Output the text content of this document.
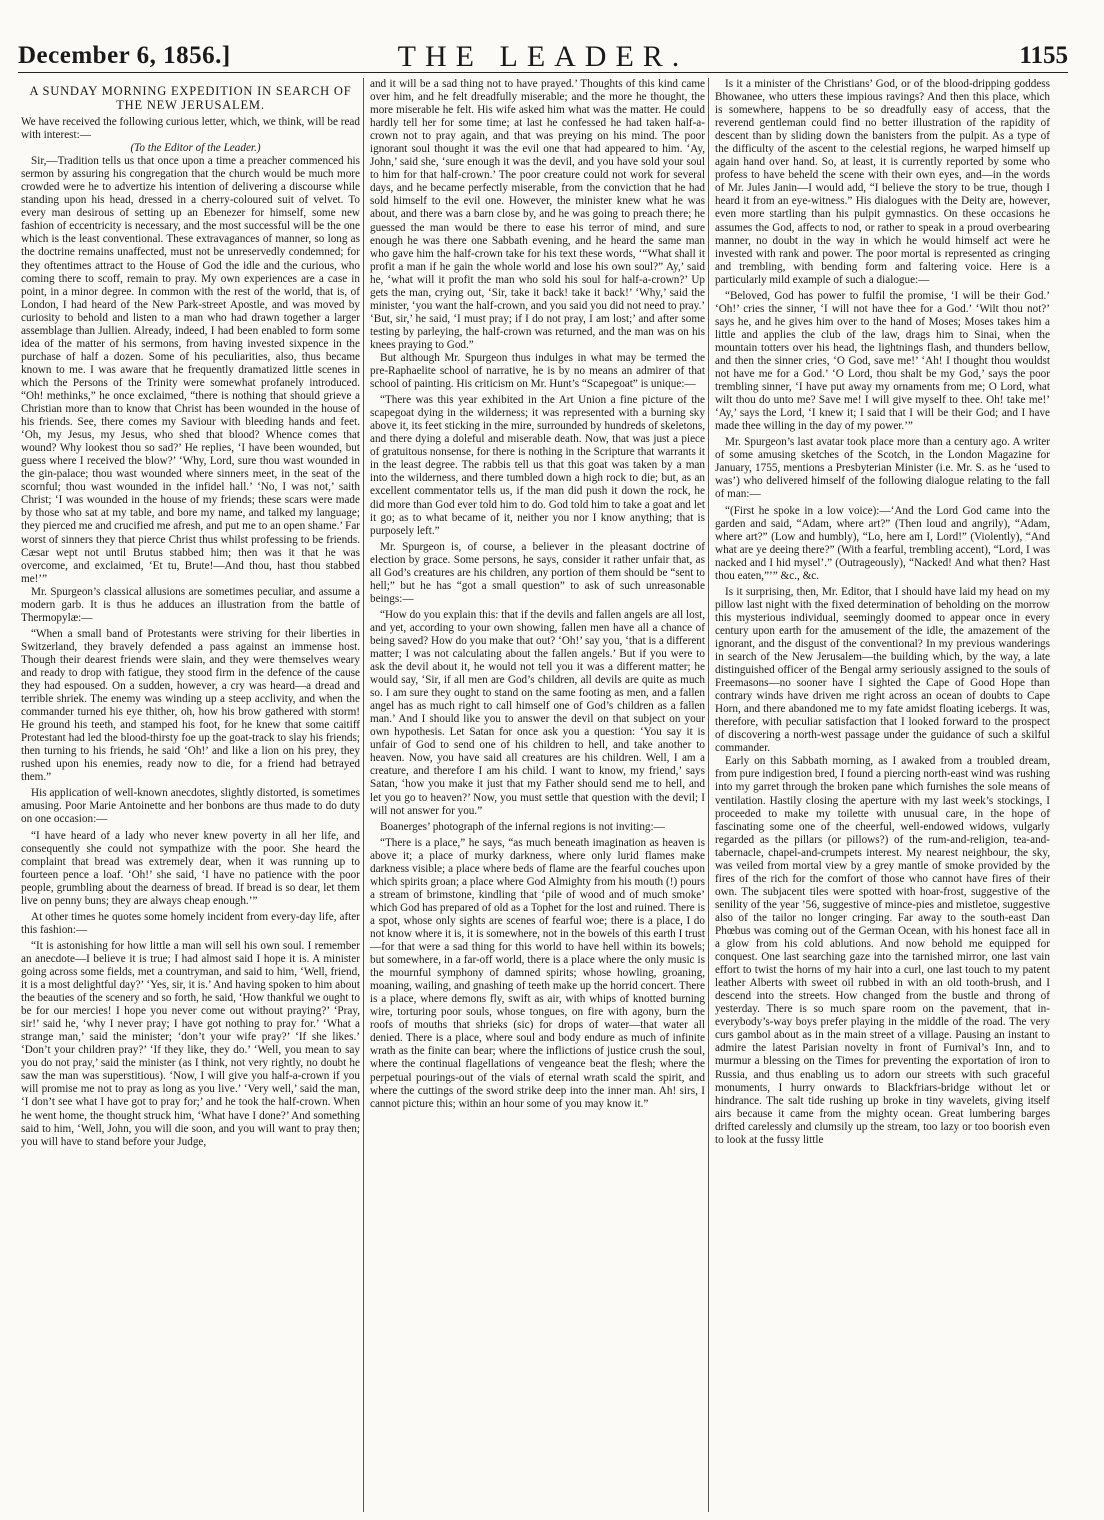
December 6, 1856.]	THE LEADER.	1155
A SUNDAY MORNING EXPEDITION IN SEARCH OF THE NEW JERUSALEM.

We have received the following curious letter, which, we think, will be read with interest:—

(To the Editor of the Leader.)

Sir,—Tradition tells us that once upon a time a preacher commenced his sermon by assuring his congregation that the church would be much more crowded were he to advertize his intention of delivering a discourse while standing upon his head, dressed in a cherry-coloured suit of velvet. To every man desirous of setting up an Ebenezer for himself, some new fashion of eccentricity is necessary, and the most successful will be the one which is the least conventional. These extravagances of manner, so long as the doctrine remains unaffected, must not be unreservedly condemned; for they oftentimes attract to the House of God the idle and the curious, who coming there to scoff, remain to pray. My own experiences are a case in point, in a minor degree. In common with the rest of the world, that is, of London, I had heard of the New Park-street Apostle, and was moved by curiosity to behold and listen to a man who had drawn together a larger assemblage than Jullien. Already, indeed, I had been enabled to form some idea of the matter of his sermons, from having invested sixpence in the purchase of half a dozen. Some of his peculiarities, also, thus became known to me. I was aware that he frequently dramatized little scenes in which the Persons of the Trinity were somewhat profanely introduced. “Oh! methinks,” he once exclaimed, “there is nothing that should grieve a Christian more than to know that Christ has been wounded in the house of his friends. See, there comes my Saviour with bleeding hands and feet. ‘Oh, my Jesus, my Jesus, who shed that blood? Whence comes that wound? Why lookest thou so sad?’ He replies, ‘I have been wounded, but guess where I received the blow?’ ‘Why, Lord, sure thou wast wounded in the gin-palace; thou wast wounded where sinners meet, in the seat of the scornful; thou wast wounded in the infidel hall.’ ‘No, I was not,’ saith Christ; ‘I was wounded in the house of my friends; these scars were made by those who sat at my table, and bore my name, and talked my language; they pierced me and crucified me afresh, and put me to an open shame.’ Far worst of sinners they that pierce Christ thus whilst professing to be friends. Cæsar wept not until Brutus stabbed him; then was it that he was overcome, and exclaimed, ‘Et tu, Brute!—And thou, hast thou stabbed me!’”

Mr. Spurgeon’s classical allusions are sometimes peculiar, and assume a modern garb. It is thus he adduces an illustration from the battle of Thermopylæ:—

“When a small band of Protestants were striving for their liberties in Switzerland, they bravely defended a pass against an immense host. Though their dearest friends were slain, and they were themselves weary and ready to drop with fatigue, they stood firm in the defence of the cause they had espoused. On a sudden, however, a cry was heard—a dread and terrible shriek. The enemy was winding up a steep acclivity, and when the commander turned his eye thither, oh, how his brow gathered with storm! He ground his teeth, and stamped his foot, for he knew that some caitiff Protestant had led the blood-thirsty foe up the goat-track to slay his friends; then turning to his friends, he said ‘Oh!’ and like a lion on his prey, they rushed upon his enemies, ready now to die, for a friend had betrayed them.”

His application of well-known anecdotes, slightly distorted, is sometimes amusing. Poor Marie Antoinette and her bonbons are thus made to do duty on one occasion:—

“I have heard of a lady who never knew poverty in all her life, and consequently she could not sympathize with the poor. She heard the complaint that bread was extremely dear, when it was running up to fourteen pence a loaf. ‘Oh!’ she said, ‘I have no patience with the poor people, grumbling about the dearness of bread. If bread is so dear, let them live on penny buns; they are always cheap enough.’”

At other times he quotes some homely incident from every-day life, after this fashion:—

“It is astonishing for how little a man will sell his own soul. I remember an anecdote—I believe it is true; I had almost said I hope it is. A minister going across some fields, met a countryman, and said to him, ‘Well, friend, it is a most delightful day?’ ‘Yes, sir, it is.’ And having spoken to him about the beauties of the scenery and so forth, he said, ‘How thankful we ought to be for our mercies! I hope you never come out without praying?’ ‘Pray, sir!’ said he, ‘why I never pray; I have got nothing to pray for.’ ‘What a strange man,’ said the minister; ‘don’t your wife pray?’ ‘If she likes.’ ‘Don’t your children pray?’ ‘If they like, they do.’ ‘Well, you mean to say you do not pray,’ said the minister (as I think, not very rightly, no doubt he saw the man was superstitious). ‘Now, I will give you half-a-crown if you will promise me not to pray as long as you live.’ ‘Very well,’ said the man, ‘I don’t see what I have got to pray for;’ and he took the half-crown. When he went home, the thought struck him, ‘What have I done?’ And something said to him, ‘Well, John, you will die soon, and you will want to pray then; you will have to stand before your Judge,

and it will be a sad thing not to have prayed.’ Thoughts of this kind came over him, and he felt dreadfully miserable; and the more he thought, the more miserable he felt. His wife asked him what was the matter. He could hardly tell her for some time; at last he confessed he had taken half-a-crown not to pray again, and that was preying on his mind. The poor ignorant soul thought it was the evil one that had appeared to him. ‘Ay, John,’ said she, ‘sure enough it was the devil, and you have sold your soul to him for that half-crown.’ The poor creature could not work for several days, and he became perfectly miserable, from the conviction that he had sold himself to the evil one. However, the minister knew what he was about, and there was a barn close by, and he was going to preach there; he guessed the man would be there to ease his terror of mind, and sure enough he was there one Sabbath evening, and he heard the same man who gave him the half-crown take for his text these words, ‘“What shall it profit a man if he gain the whole world and lose his own soul?” Ay,’ said he, ‘what will it profit the man who sold his soul for half-a-crown?’ Up gets the man, crying out, ‘Sir, take it back! take it back!’ ‘Why,’ said the minister, ‘you want the half-crown, and you said you did not need to pray.’ ‘But, sir,’ he said, ‘I must pray; if I do not pray, I am lost;’ and after some testing by parleying, the half-crown was returned, and the man was on his knees praying to God.”

But although Mr. Spurgeon thus indulges in what may be termed the pre-Raphaelite school of narrative, he is by no means an admirer of that school of painting. His criticism on Mr. Hunt’s “Scapegoat” is unique:—

“There was this year exhibited in the Art Union a fine picture of the scapegoat dying in the wilderness; it was represented with a burning sky above it, its feet sticking in the mire, surrounded by hundreds of skeletons, and there dying a doleful and miserable death. Now, that was just a piece of gratuitous nonsense, for there is nothing in the Scripture that warrants it in the least degree. The rabbis tell us that this goat was taken by a man into the wilderness, and there tumbled down a high rock to die; but, as an excellent commentator tells us, if the man did push it down the rock, he did more than God ever told him to do. God told him to take a goat and let it go; as to what became of it, neither you nor I know anything; that is purposely left.”

Mr. Spurgeon is, of course, a believer in the pleasant doctrine of election by grace. Some persons, he says, consider it rather unfair that, as all God’s creatures are his children, any portion of them should be “sent to hell;” but he has “got a small question” to ask of such unreasonable beings:—

“How do you explain this: that if the devils and fallen angels are all lost, and yet, according to your own showing, fallen men have all a chance of being saved? How do you make that out? ‘Oh!’ say you, ‘that is a different matter; I was not calculating about the fallen angels.’ But if you were to ask the devil about it, he would not tell you it was a different matter; he would say, ‘Sir, if all men are God’s children, all devils are quite as much so. I am sure they ought to stand on the same footing as men, and a fallen angel has as much right to call himself one of God’s children as a fallen man.’ And I should like you to answer the devil on that subject on your own hypothesis. Let Satan for once ask you a question: ‘You say it is unfair of God to send one of his children to hell, and take another to heaven. Now, you have said all creatures are his children. Well, I am a creature, and therefore I am his child. I want to know, my friend,’ says Satan, ‘how you make it just that my Father should send me to hell, and let you go to heaven?’ Now, you must settle that question with the devil; I will not answer for you.”

Boanerges’ photograph of the infernal regions is not inviting:—

“There is a place,” he says, “as much beneath imagination as heaven is above it; a place of murky darkness, where only lurid flames make darkness visible; a place where beds of flame are the fearful couches upon which spirits groan; a place where God Almighty from his mouth (!) pours a stream of brimstone, kindling that ‘pile of wood and of much smoke’ which God has prepared of old as a Tophet for the lost and ruined. There is a spot, whose only sights are scenes of fearful woe; there is a place, I do not know where it is, it is somewhere, not in the bowels of this earth I trust—for that were a sad thing for this world to have hell within its bowels; but somewhere, in a far-off world, there is a place where the only music is the mournful symphony of damned spirits; whose howling, groaning, moaning, wailing, and gnashing of teeth make up the horrid concert. There is a place, where demons fly, swift as air, with whips of knotted burning wire, torturing poor souls, whose tongues, on fire with agony, burn the roofs of mouths that shrieks (sic) for drops of water—that water all denied. There is a place, where soul and body endure as much of infinite wrath as the finite can bear; where the inflictions of justice crush the soul, where the continual flagellations of vengeance beat the flesh; where the perpetual pourings-out of the vials of eternal wrath scald the spirit, and where the cuttings of the sword strike deep into the inner man. Ah! sirs, I cannot picture this; within an hour some of you may know it.”

Is it a minister of the Christians’ God, or of the blood-dripping goddess Bhowanee, who utters these impious ravings? And then this place, which is somewhere, happens to be so dreadfully easy of access, that the reverend gentleman could find no better illustration of the rapidity of descent than by sliding down the banisters from the pulpit. As a type of the difficulty of the ascent to the celestial regions, he warped himself up again hand over hand. So, at least, it is currently reported by some who profess to have beheld the scene with their own eyes, and—in the words of Mr. Jules Janin—I would add, “I believe the story to be true, though I heard it from an eye-witness.” His dialogues with the Deity are, however, even more startling than his pulpit gymnastics. On these occasions he assumes the God, affects to nod, or rather to speak in a proud overbearing manner, no doubt in the way in which he would himself act were he invested with rank and power. The poor mortal is represented as cringing and trembling, with bending form and faltering voice. Here is a particularly mild example of such a dialogue:—

“Beloved, God has power to fulfil the promise, ‘I will be their God.’ ‘Oh!’ cries the sinner, ‘I will not have thee for a God.’ ‘Wilt thou not?’ says he, and he gives him over to the hand of Moses; Moses takes him a little and applies the club of the law, drags him to Sinai, when the mountain totters over his head, the lightnings flash, and thunders bellow, and then the sinner cries, ‘O God, save me!’ ‘Ah! I thought thou wouldst not have me for a God.’ ‘O Lord, thou shalt be my God,’ says the poor trembling sinner, ‘I have put away my ornaments from me; O Lord, what wilt thou do unto me? Save me! I will give myself to thee. Oh! take me!’ ‘Ay,’ says the Lord, ‘I knew it; I said that I will be their God; and I have made thee willing in the day of my power.’”

Mr. Spurgeon’s last avatar took place more than a century ago. A writer of some amusing sketches of the Scotch, in the London Magazine for January, 1755, mentions a Presbyterian Minister (i.e. Mr. S. as he ‘used to was’) who delivered himself of the following dialogue relating to the fall of man:—

“(First he spoke in a low voice):—‘And the Lord God came into the garden and said, “Adam, where art?” (Then loud and angrily), “Adam, where art?” (Low and humbly), “Lo, here am I, Lord!” (Violently), “And what are ye deeing there?” (With a fearful, trembling accent), “Lord, I was nacked and I hid mysel’.” (Outrageously), “Nacked! And what then? Hast thou eaten,”’” &c., &c.

Is it surprising, then, Mr. Editor, that I should have laid my head on my pillow last night with the fixed determination of beholding on the morrow this mysterious individual, seemingly doomed to appear once in every century upon earth for the amusement of the idle, the amazement of the ignorant, and the disgust of the conventional? In my previous wanderings in search of the New Jerusalem—the building which, by the way, a late distinguished officer of the Bengal army seriously assigned to the souls of Freemasons—no sooner have I sighted the Cape of Good Hope than contrary winds have driven me right across an ocean of doubts to Cape Horn, and there abandoned me to my fate amidst floating icebergs. It was, therefore, with peculiar satisfaction that I looked forward to the prospect of discovering a north-west passage under the guidance of such a skilful commander.

Early on this Sabbath morning, as I awaked from a troubled dream, from pure indigestion bred, I found a piercing north-east wind was rushing into my garret through the broken pane which furnishes the sole means of ventilation. Hastily closing the aperture with my last week’s stockings, I proceeded to make my toilette with unusual care, in the hope of fascinating some one of the cheerful, well-endowed widows, vulgarly regarded as the pillars (or pillows?) of the rum-and-religion, tea-and-tabernacle, chapel-and-crumpets interest. My nearest neighbour, the sky, was veiled from mortal view by a grey mantle of smoke provided by the fires of the rich for the comfort of those who cannot have fires of their own. The subjacent tiles were spotted with hoar-frost, suggestive of the senility of the year ’56, suggestive of mince-pies and mistletoe, suggestive also of the tailor no longer cringing. Far away to the south-east Dan Phœbus was coming out of the German Ocean, with his honest face all in a glow from his cold ablutions. And now behold me equipped for conquest. One last searching gaze into the tarnished mirror, one last vain effort to twist the horns of my hair into a curl, one last touch to my patent leather Alberts with sweet oil rubbed in with an old tooth-brush, and I descend into the streets. How changed from the bustle and throng of yesterday. There is so much spare room on the pavement, that in-everybody’s-way boys prefer playing in the middle of the road. The very curs gambol about as in the main street of a village. Pausing an instant to admire the latest Parisian novelty in front of Furnival’s Inn, and to murmur a blessing on the Times for preventing the exportation of iron to Russia, and thus enabling us to adorn our streets with such graceful monuments, I hurry onwards to Blackfriars-bridge without let or hindrance. The salt tide rushing up broke in tiny wavelets, giving itself airs because it came from the mighty ocean. Great lumbering barges drifted carelessly and clumsily up the stream, too lazy or too boorish even to look at the fussy little
